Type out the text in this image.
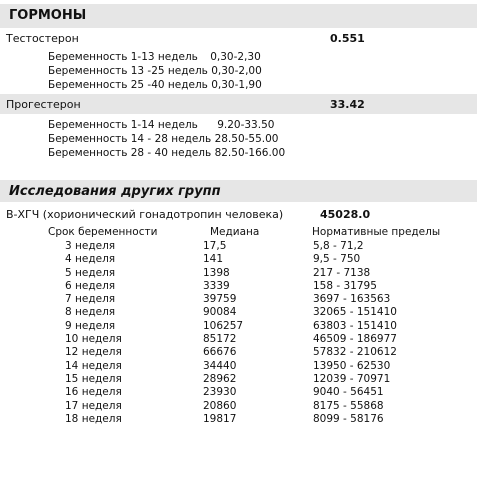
ГОРМОНЫ
Тестостерон	0.551
Беременность 1-13 недель 0,30-2,30
Беременность 13 -25 недель 0,30-2,00
Беременность 25 -40 недель 0,30-1,90
Прогестерон	33.42
Беременность 1-14 недель 9.20-33.50
Беременность 14 - 28 недель 28.50-55.00
Беременность 28 - 40 недель 82.50-166.00
Исследования других групп
B-ХГЧ (хорионический гонадотропин человека)	45028.0
Срок беременности	Медиана	Нормативные пределы
3 неделя	17,5	5,8 - 71,2
4 неделя	141	9,5 - 750
5 неделя	1398	217 - 7138
6 неделя	3339	158 - 31795
7 неделя	39759	3697 - 163563
8 неделя	90084	32065 - 151410
9 неделя	106257	63803 - 151410
10 неделя	85172	46509 - 186977
12 неделя	66676	57832 - 210612
14 неделя	34440	13950 - 62530
15 неделя	28962	12039 - 70971
16 неделя	23930	9040 - 56451
17 неделя	20860	8175 - 55868
18 неделя	19817	8099 - 58176
